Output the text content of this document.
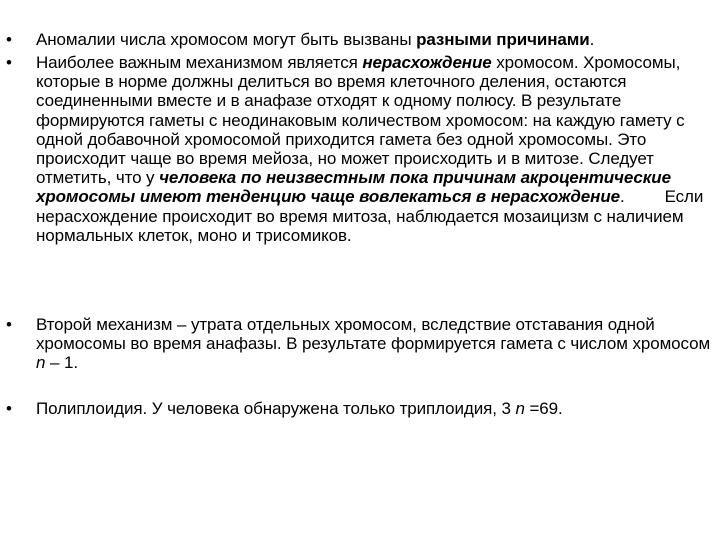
•	Аномалии числа хромосом могут быть вызваны разными причинами.
•	Наиболее важным механизмом является нерасхождение хромосом. Хромосомы, которые в норме должны делиться во время клеточного деления, остаются соединенными вместе и в анафазе отходят к одному полюсу. В результате формируются гаметы с неодинаковым количеством хромосом: на каждую гамету с одной добавочной хромосомой приходится гамета без одной хромосомы. Это происходит чаще во время мейоза, но может происходить и в митозе. Следует отметить, что у человека по неизвестным пока причинам акроцентические хромосомы имеют тенденцию чаще вовлекаться в нерасхождение. Если нерасхождение происходит во время митоза, наблюдается мозаицизм с наличием нормальных клеток, моно и трисомиков.
•	Второй механизм – утрата отдельных хромосом, вследствие отставания одной хромосомы во время анафазы. В результате формируется гамета с числом хромосом n – 1.
•	Полиплоидия. У человека обнаружена только триплоидия, 3 n =69.
